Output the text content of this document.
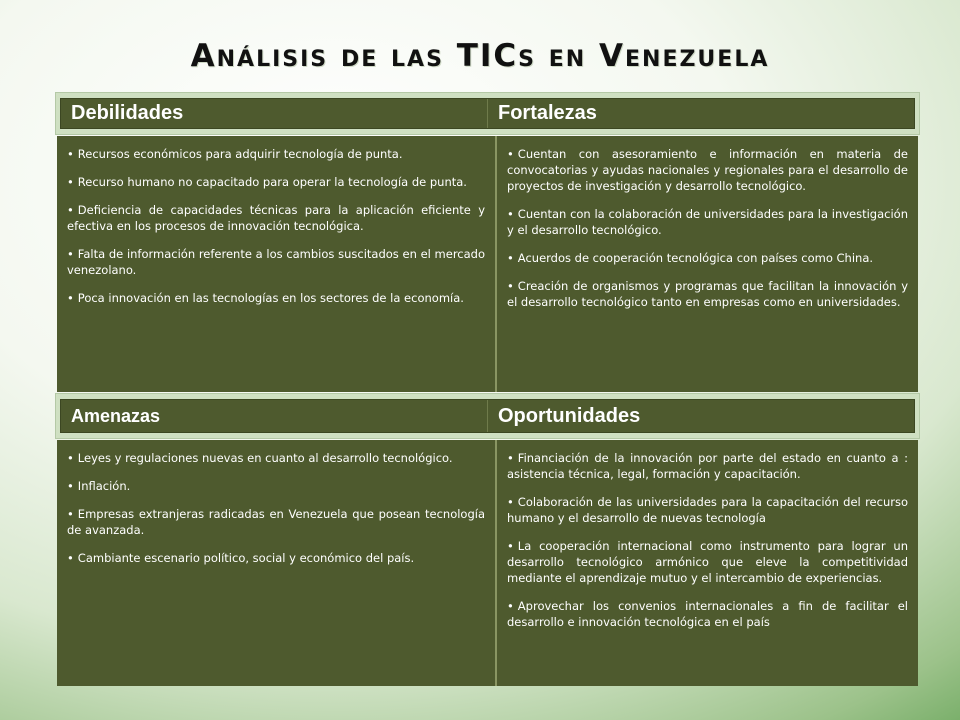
Análisis de las TICs en Venezuela
Debilidades	Fortalezas
• Recursos económicos para adquirir tecnología de punta.
• Recurso humano no capacitado para operar la tecnología de punta.
• Deficiencia de capacidades técnicas para la aplicación eficiente y efectiva en los procesos de innovación tecnológica.
• Falta de información referente a los cambios suscitados en el mercado venezolano.
• Poca innovación en las tecnologías en los sectores de la economía.
• Cuentan con asesoramiento e información en materia de convocatorias y ayudas nacionales y regionales para el desarrollo de proyectos de investigación y desarrollo tecnológico.
• Cuentan con la colaboración de universidades para la investigación y el desarrollo tecnológico.
• Acuerdos de cooperación tecnológica con países como China.
• Creación de organismos y programas que facilitan la innovación y el desarrollo tecnológico tanto en empresas como en universidades.
Amenazas	Oportunidades
• Leyes y regulaciones nuevas en cuanto al desarrollo tecnológico.
• Inflación.
• Empresas extranjeras radicadas en Venezuela que posean tecnología de avanzada.
• Cambiante escenario político, social y económico del país.
• Financiación de la innovación por parte del estado en cuanto a : asistencia técnica, legal, formación y capacitación.
• Colaboración de las universidades para la capacitación del recurso humano y el desarrollo de nuevas tecnología
• La cooperación internacional como instrumento para lograr un desarrollo tecnológico armónico que eleve la competitividad mediante el aprendizaje mutuo y el intercambio de experiencias.
• Aprovechar los convenios internacionales a fin de facilitar el desarrollo e innovación tecnológica en el país
